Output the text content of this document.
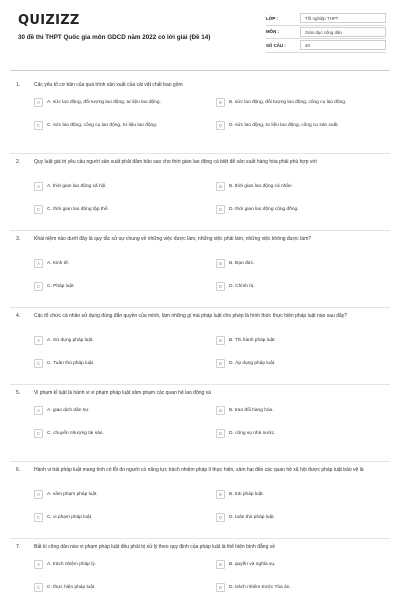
QUIZIZZ
30 đề thi THPT Quốc gia môn GDCD năm 2022 có lời giải (Đề 14)
LỚP :	Tốt nghiệp THPT
MÔN :	Giáo dục công dân
SỐ CÂU :	40
1.	Các yếu tố cơ bản của quá trình sản xuất của cải vật chất bao gồm
A	A. sức lao động, đối tượng lao động, tư liệu lao động.	B	B. sức lao động, đối tượng lao động, công cụ lao động.
C	C. sức lao động, công cụ lao động, tư liệu lao động.	D	D. sức lao động, tư liệu lao động, công cụ sản xuất.
2.	Quy luật giá trị yêu cầu người sản xuất phải đảm bảo sao cho thời gian lao động cá biệt để sản xuất hàng hóa phải phù hợp với
A	A. thời gian lao động xã hội.	B	B. thời gian lao động cá nhân
C	C. thời gian lao động tập thể.	D	D. thời gian lao động cộng đồng.
3.	Khái niệm nào dưới đây là quy tắc xử sự chung về những việc được làm, những việc phải làm, những việc không được làm?
A	A. Kinh tế.	B	B. Đạo đức.
C	C. Pháp luật.	D	D. Chính trị.
4.	Các tổ chức cá nhân sử dụng đúng đắn quyền của mình, làm những gì mà pháp luật cho phép là hình thức thực hiện pháp luật nào sau đây?
A	A. Sử dụng pháp luật.	B	B. Thi hành pháp luật.
C	C. Tuân thủ pháp luật.	D	D. Áp dụng pháp luật.
5.	Vi phạm kỉ luật là hành vi vi phạm pháp luật xâm phạm các quan hệ lao động và
A	A. giao dịch dân sự.	B	B. trao đổi hàng hóa.
C	C. chuyển nhượng tài sản.	D	D. công vụ nhà nước.
6.	Hành vi trái pháp luật mang tính có lỗi do người có năng lực trách nhiệm pháp lí thực hiện, xâm hại đến các quan hệ xã hội được pháp luật bảo vệ là
A	A. xâm phạm pháp luật.	B	B. trái pháp luật.
C	C. vi phạm pháp luật.	D	D. tuân thủ pháp luật.
7.	Bất kì công dân nào vi phạm pháp luật đều phải bị xử lý theo quy định của pháp luật là thể hiện bình đẳng về
A	A. trách nhiệm pháp lý.	B	B. quyền và nghĩa vụ.
C	C. thực hiện pháp luật.	D	D. trách nhiệm trước Tòa án.
